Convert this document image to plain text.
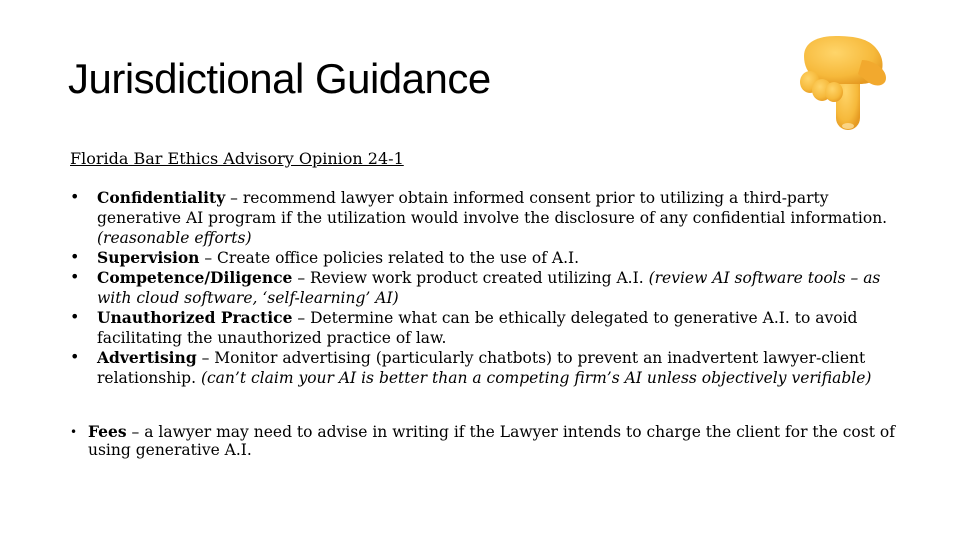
Jurisdictional Guidance
Florida Bar Ethics Advisory Opinion 24-1
• Confidentiality – recommend lawyer obtain informed consent prior to utilizing a third-party generative AI program if the utilization would involve the disclosure of any confidential information. (reasonable efforts)
• Supervision – Create office policies related to the use of A.I.
• Competence/Diligence – Review work product created utilizing A.I. (review AI software tools – as with cloud software, ‘self-learning’ AI)
• Unauthorized Practice – Determine what can be ethically delegated to generative A.I. to avoid facilitating the unauthorized practice of law.
• Advertising – Monitor advertising (particularly chatbots) to prevent an inadvertent lawyer-client relationship. (can’t claim your AI is better than a competing firm’s AI unless objectively verifiable)
• Fees – a lawyer may need to advise in writing if the Lawyer intends to charge the client for the cost of using generative A.I.
